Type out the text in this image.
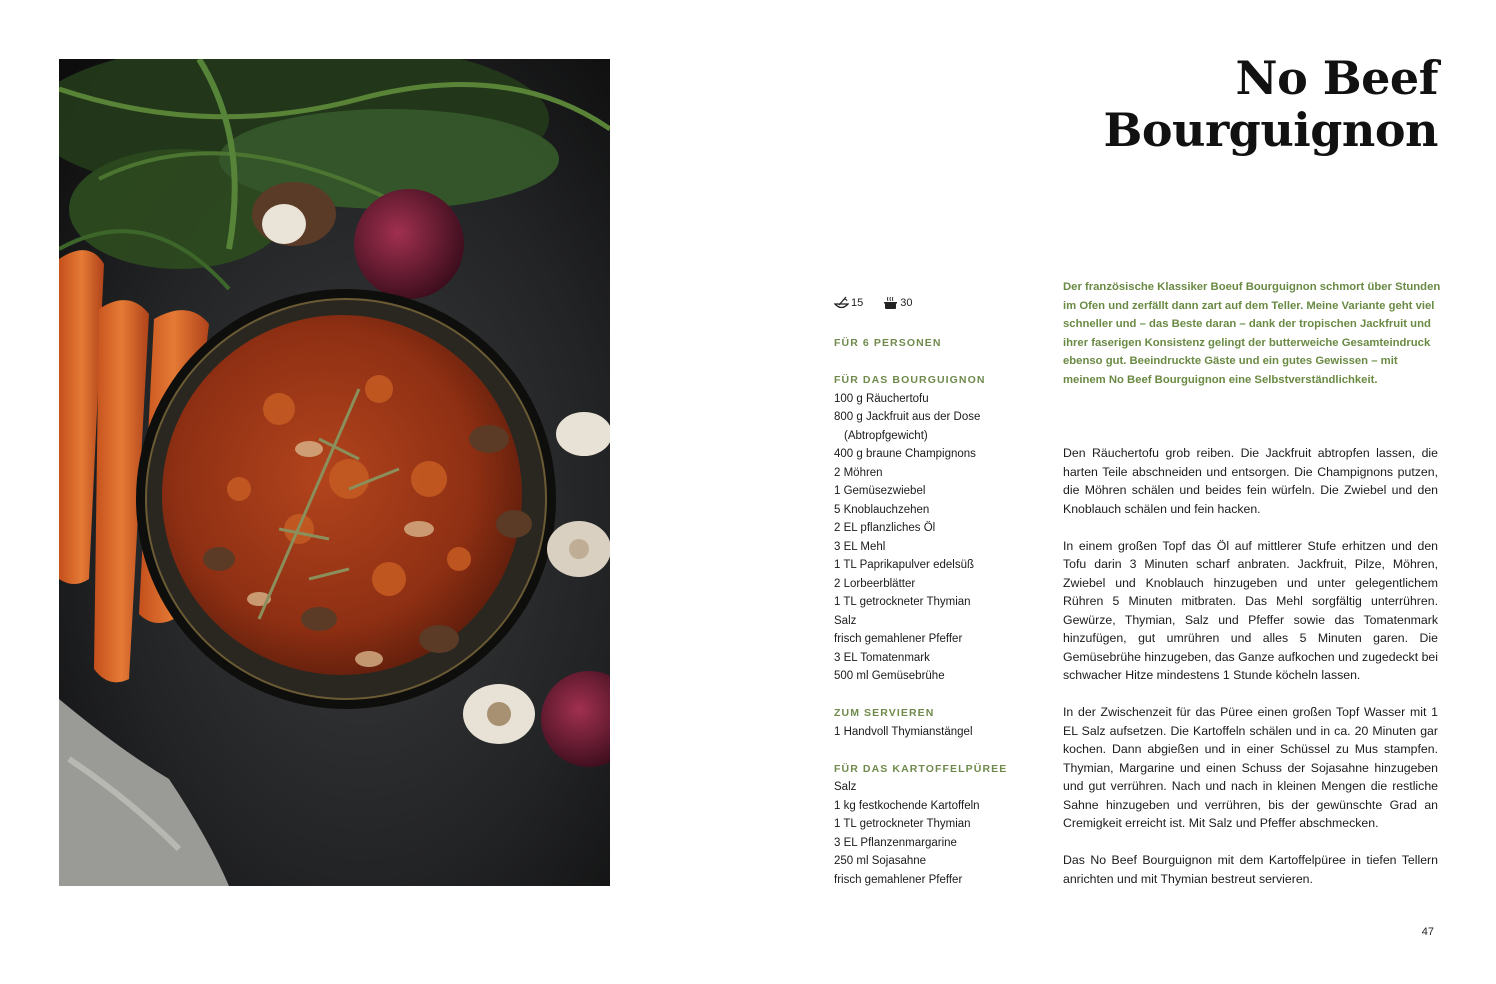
No Beef
Bourguignon
15	30
FÜR 6 PERSONEN
FÜR DAS BOURGUIGNON
100 g Räuchertofu
800 g Jackfruit aus der Dose
(Abtropfgewicht)
400 g braune Champignons
2 Möhren
1 Gemüsezwiebel
5 Knoblauchzehen
2 EL pflanzliches Öl
3 EL Mehl
1 TL Paprikapulver edelsüß
2 Lorbeerblätter
1 TL getrockneter Thymian
Salz
frisch gemahlener Pfeffer
3 EL Tomatenmark
500 ml Gemüsebrühe
ZUM SERVIEREN
1 Handvoll Thymianstängel
FÜR DAS KARTOFFELPÜREE
Salz
1 kg festkochende Kartoffeln
1 TL getrockneter Thymian
3 EL Pflanzenmargarine
250 ml Sojasahne
frisch gemahlener Pfeffer

Der französische Klassiker Boeuf Bourguignon schmort über Stunden im Ofen und zerfällt dann zart auf dem Teller. Meine Variante geht viel schneller und – das Beste daran – dank der tropischen Jackfruit und ihrer faserigen Konsistenz gelingt der butterweiche Gesamteindruck ebenso gut. Beeindruckte Gäste und ein gutes Gewissen – mit meinem No Beef Bourguignon eine Selbstverständlichkeit.

Den Räuchertofu grob reiben. Die Jackfruit abtropfen lassen, die harten Teile abschneiden und entsorgen. Die Champignons putzen, die Möhren schälen und beides fein würfeln. Die Zwiebel und den Knoblauch schälen und fein hacken.

In einem großen Topf das Öl auf mittlerer Stufe erhitzen und den Tofu darin 3 Minuten scharf anbraten. Jackfruit, Pilze, Möhren, Zwiebel und Knoblauch hinzugeben und unter gelegentlichem Rühren 5 Minuten mitbraten. Das Mehl sorgfältig unterrühren. Gewürze, Thymian, Salz und Pfeffer sowie das Tomatenmark hinzufügen, gut umrühren und alles 5 Minuten garen. Die Gemüsebrühe hinzugeben, das Ganze aufkochen und zugedeckt bei schwacher Hitze mindestens 1 Stunde köcheln lassen.

In der Zwischenzeit für das Püree einen großen Topf Wasser mit 1 EL Salz aufsetzen. Die Kartoffeln schälen und in ca. 20 Minuten gar kochen. Dann abgießen und in einer Schüssel zu Mus stampfen. Thymian, Margarine und einen Schuss der Sojasahne hinzugeben und gut verrühren. Nach und nach in kleinen Mengen die restliche Sahne hinzugeben und verrühren, bis der gewünschte Grad an Cremigkeit erreicht ist. Mit Salz und Pfeffer abschmecken.

Das No Beef Bourguignon mit dem Kartoffelpüree in tiefen Tellern anrichten und mit Thymian bestreut servieren.

47
